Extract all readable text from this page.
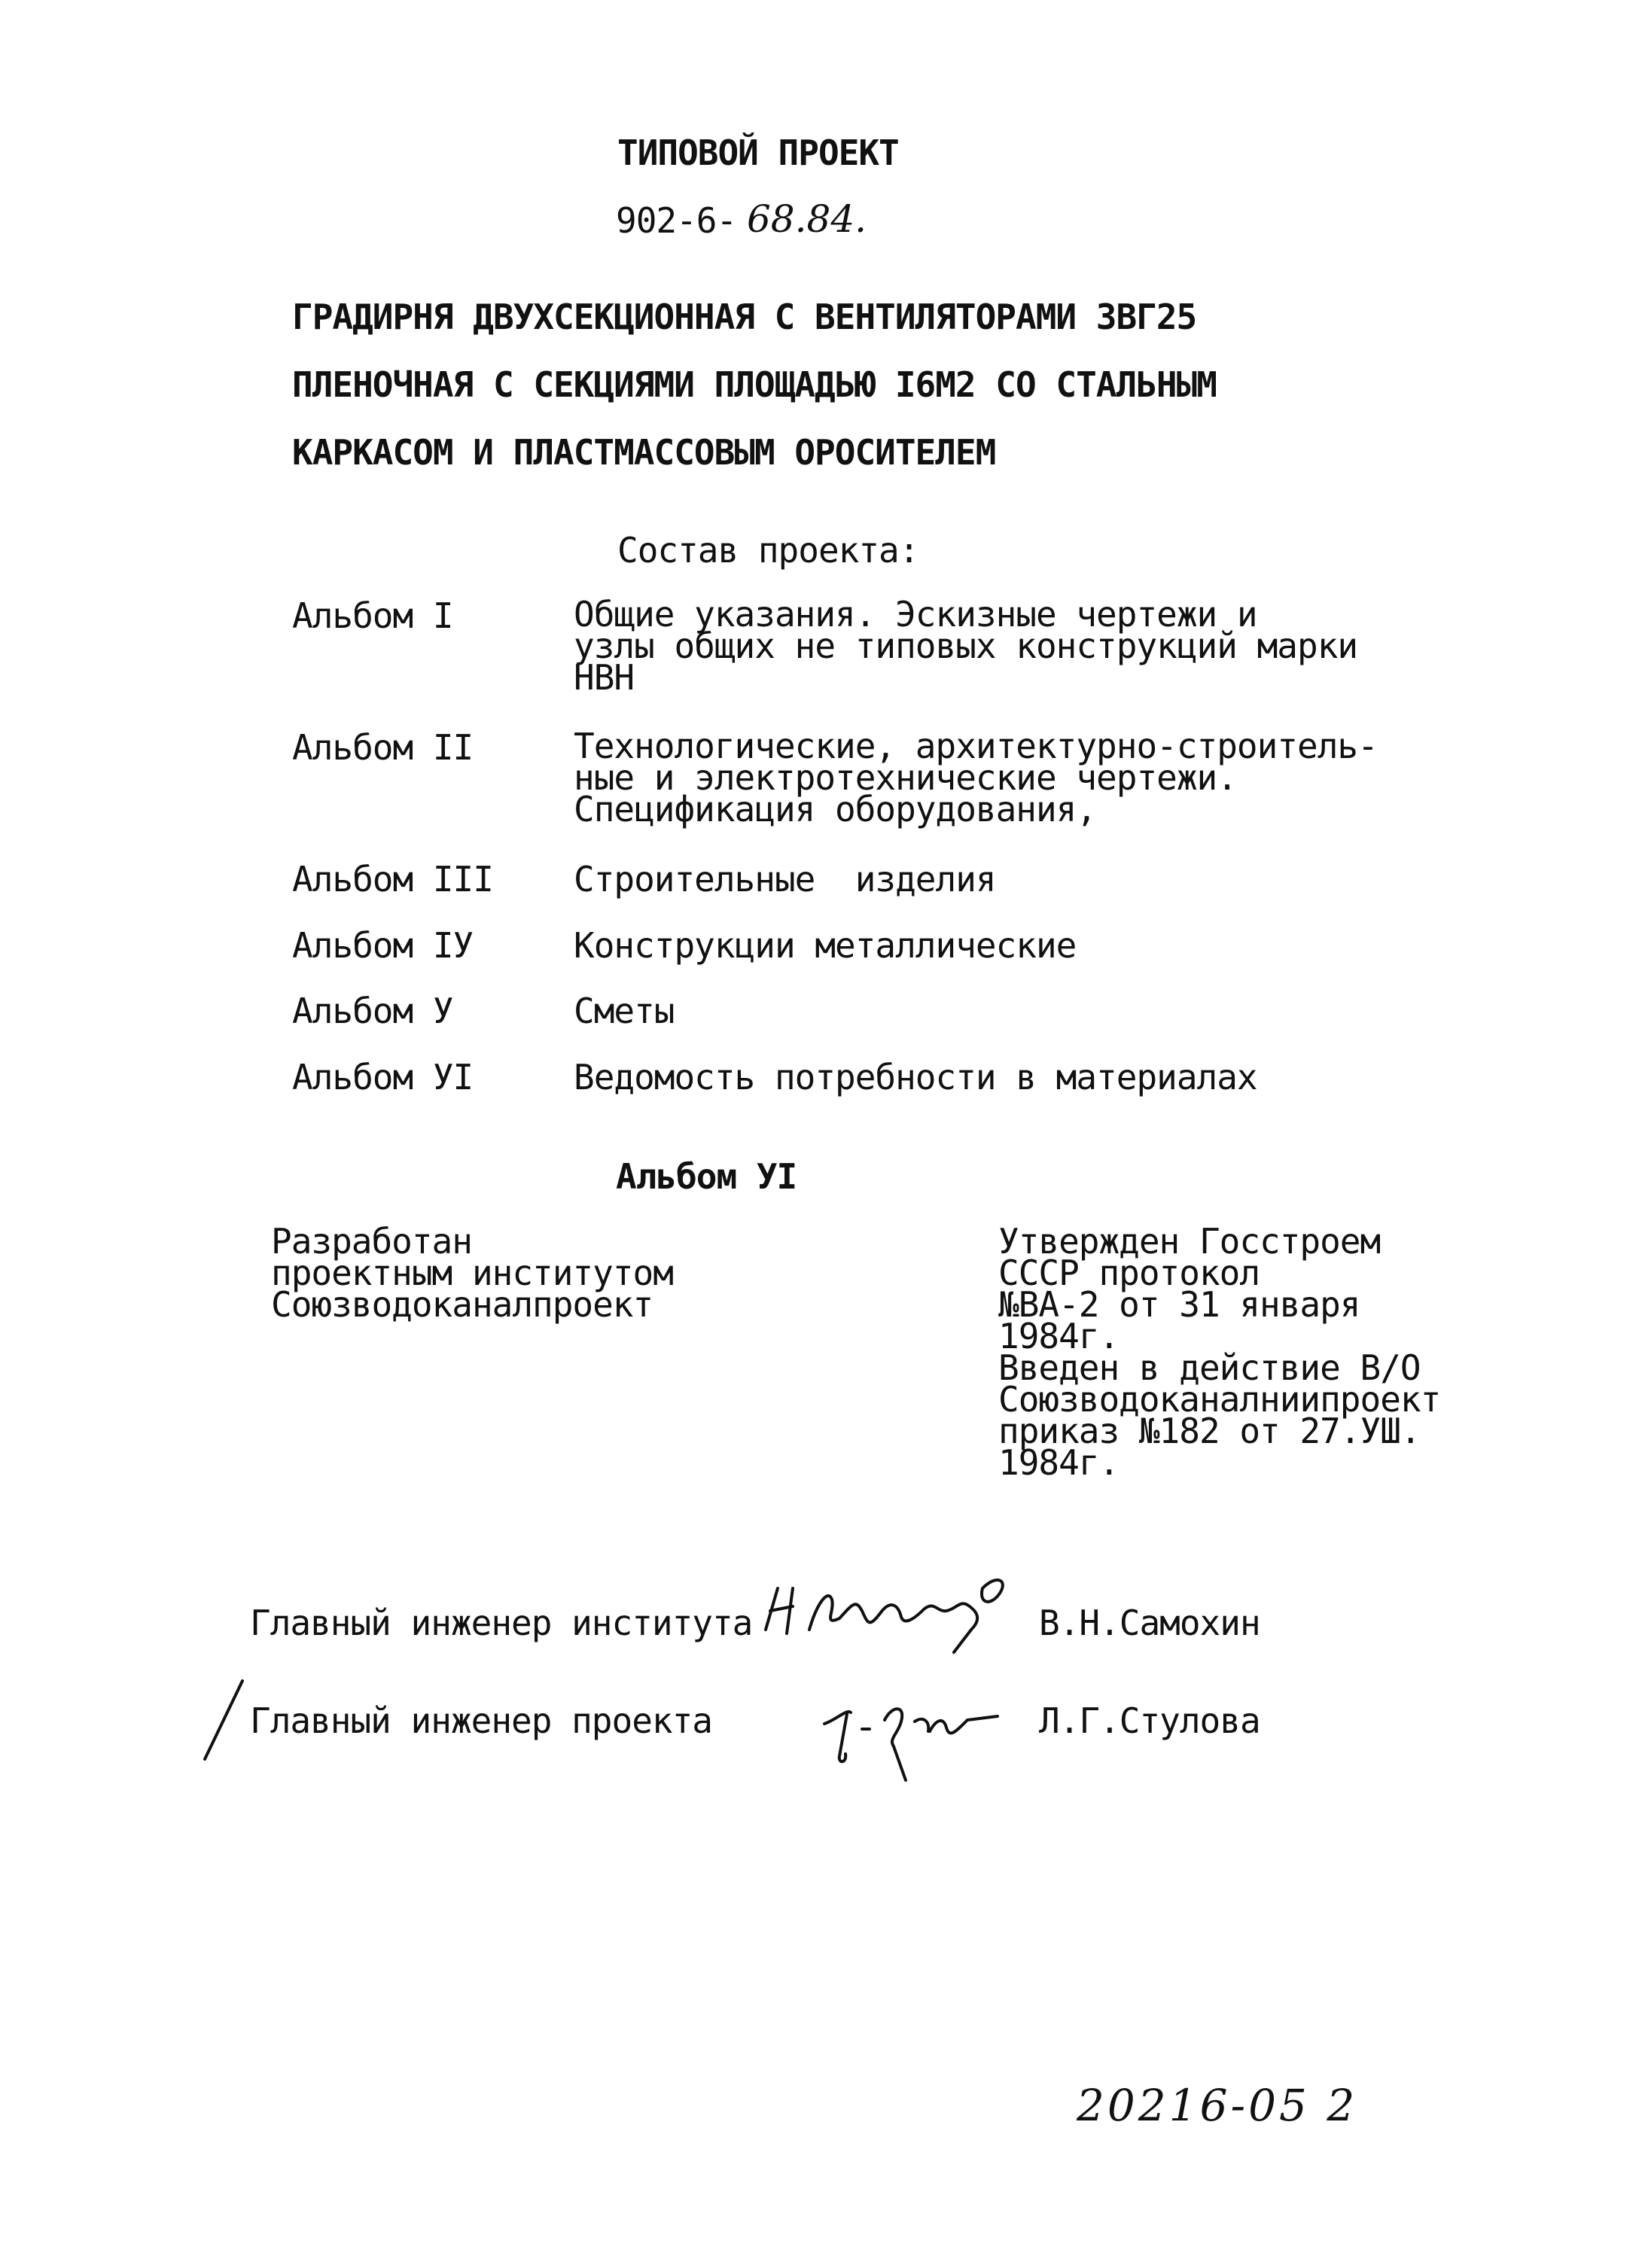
ТИПОВОЙ ПРОЕКТ
902-6- 68.84.
ГРАДИРНЯ ДВУХСЕКЦИОННАЯ С ВЕНТИЛЯТОРАМИ 3ВГ25
ПЛЕНОЧНАЯ С СЕКЦИЯМИ ПЛОЩАДЬЮ I6М2 СО СТАЛЬНЫМ
КАРКАСОМ И ПЛАСТМАССОВЫМ ОРОСИТЕЛЕМ
Состав проекта:
Альбом I	Общие указания. Эскизные чертежи и
узлы общих не типовых конструкций марки
НВН
Альбом II	Технологические, архитектурно-строитель-
ные и электротехнические чертежи.
Спецификация оборудования,
Альбом III Строительные  изделия
Альбом IУ	Конструкции металлические
Альбом У	Сметы
Альбом УI	Ведомость потребности в материалах
Альбом УI
Разработан
проектным институтом
Союзводоканалпроект
Утвержден Госстроем
СССР протокол
№ВА-2 от 31 января
1984г.
Введен в действие В/О
Союзводоканалниипроект
приказ №182 от 27.УШ.
1984г.
Главный инженер института	В.Н.Самохин
Главный инженер проекта	Л.Г.Стулова
20216-05 2
